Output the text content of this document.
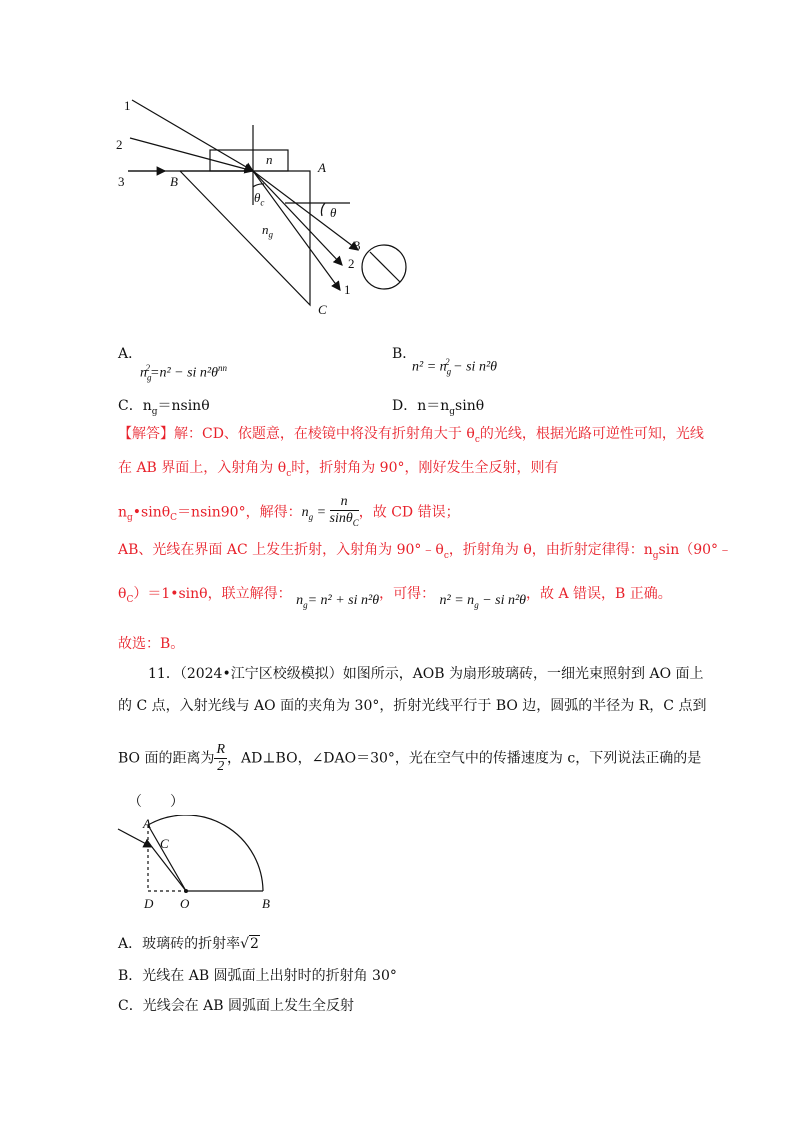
1
2
3	B
A
C
n
$n_g$
$\theta_c$
θ
3
2
1
A．
$n_g^2=n^2$ − si $n^2\theta^{nn}$
B．
$n^2 = n_g^2$ − si n²θ
C．$n_g=nsin\theta$	D．$n=n_g\sin\theta$
【解答】解：CD、依题意，在棱镜中将没有折射角大于 $\theta_c$的光线，根据光路可逆性可知，光线
在 AB 界面上，入射角为 $\theta_c$时，折射角为 90°，刚好发生全反射，则有
$n_g•\sin\theta_C=nsin90^\circ$，解得：$n_g = \frac{n}{\sin\theta_C}$ ，故 CD 错误；
AB、光线在界面 AC 上发生折射，入射角为 $90^\circ﹣\theta_c$，折射角为 θ，由折射定律得：$n_g\sin(90^\circ﹣$
$\theta_C)=1•\sin\theta$，联立解得： $n_g= n^2$ + si n²θ，可得： $n^2 = n_g$ − si n²θ，故 A 错误，B 正确。
故选：B。
11．（2024•江宁区校级模拟）如图所示，AOB 为扇形玻璃砖，一细光束照射到 AO 面上
的 C 点，入射光线与 AO 面的夹角为 30°，折射光线平行于 BO 边，圆弧的半径为 R，C 点到
BO 面的距离为 $\frac{R}{2}$ ，AD⊥BO，∠DAO＝30°，光在空气中的传播速度为 c，下列说法正确的是
（　　）
A
C
D O	B
A．玻璃砖的折射率√2
B．光线在 AB 圆弧面上出射时的折射角 30°
C．光线会在 AB 圆弧面上发生全反射
